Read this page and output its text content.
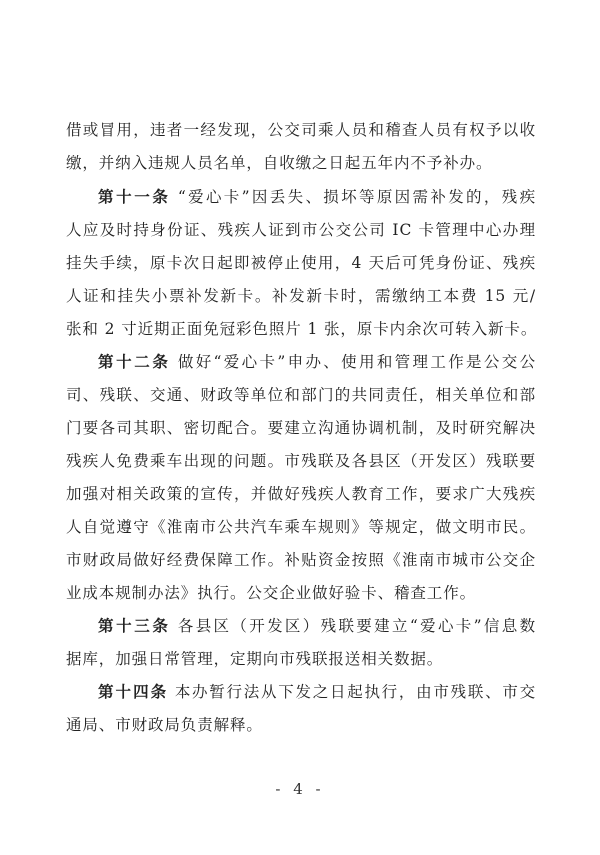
借或冒用，违者一经发现，公交司乘人员和稽查人员有权予以收
缴，并纳入违规人员名单，自收缴之日起五年内不予补办。
第十一条 “爱心卡”因丢失、损坏等原因需补发的，残疾
人应及时持身份证、残疾人证到市公交公司 IC 卡管理中心办理
挂失手续，原卡次日起即被停止使用，4 天后可凭身份证、残疾
人证和挂失小票补发新卡。补发新卡时，需缴纳工本费 15 元/
张和 2 寸近期正面免冠彩色照片 1 张，原卡内余次可转入新卡。
第十二条 做好“爱心卡”申办、使用和管理工作是公交公
司、残联、交通、财政等单位和部门的共同责任，相关单位和部
门要各司其职、密切配合。要建立沟通协调机制，及时研究解决
残疾人免费乘车出现的问题。市残联及各县区（开发区）残联要
加强对相关政策的宣传，并做好残疾人教育工作，要求广大残疾
人自觉遵守《淮南市公共汽车乘车规则》等规定，做文明市民。
市财政局做好经费保障工作。补贴资金按照《淮南市城市公交企
业成本规制办法》执行。公交企业做好验卡、稽查工作。
第十三条 各县区（开发区）残联要建立“爱心卡”信息数
据库，加强日常管理，定期向市残联报送相关数据。
第十四条 本办暂行法从下发之日起执行，由市残联、市交
通局、市财政局负责解释。
- 4 -
